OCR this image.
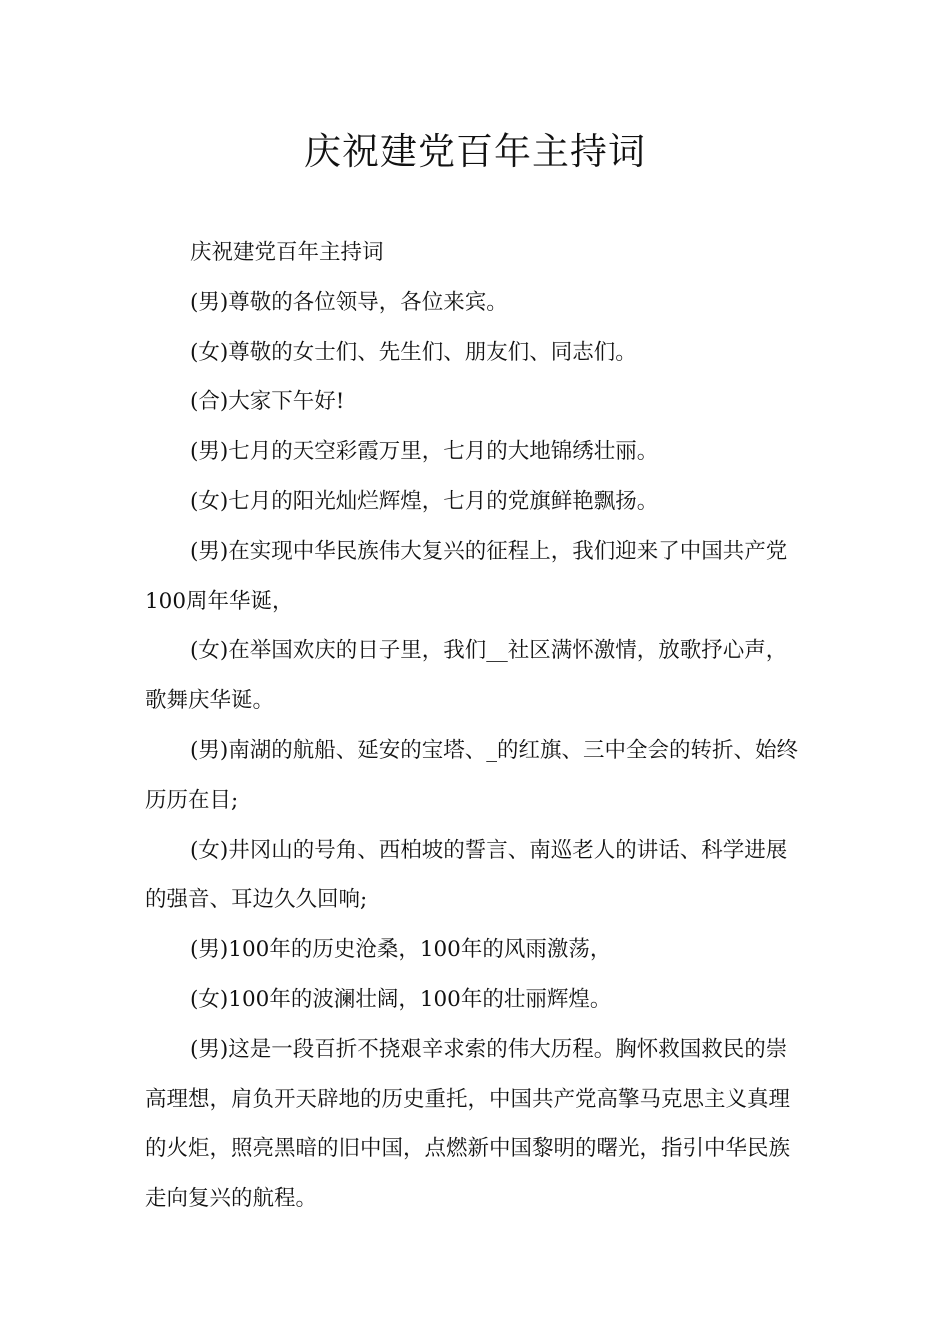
庆祝建党百年主持词

庆祝建党百年主持词

(男)尊敬的各位领导，各位来宾。

(女)尊敬的女士们、先生们、朋友们、同志们。

(合)大家下午好!

(男)七月的天空彩霞万里，七月的大地锦绣壮丽。

(女)七月的阳光灿烂辉煌，七月的党旗鲜艳飘扬。

(男)在实现中华民族伟大复兴的征程上，我们迎来了中国共产党100周年华诞，

(女)在举国欢庆的日子里，我们__社区满怀激情，放歌抒心声，歌舞庆华诞。

(男)南湖的航船、延安的宝塔、_的红旗、三中全会的转折、始终历历在目;

(女)井冈山的号角、西柏坡的誓言、南巡老人的讲话、科学进展的强音、耳边久久回响;

(男)100年的历史沧桑，100年的风雨激荡，

(女)100年的波澜壮阔，100年的壮丽辉煌。

(男)这是一段百折不挠艰辛求索的伟大历程。胸怀救国救民的崇高理想，肩负开天辟地的历史重托，中国共产党高擎马克思主义真理的火炬，照亮黑暗的旧中国，点燃新中国黎明的曙光，指引中华民族走向复兴的航程。
